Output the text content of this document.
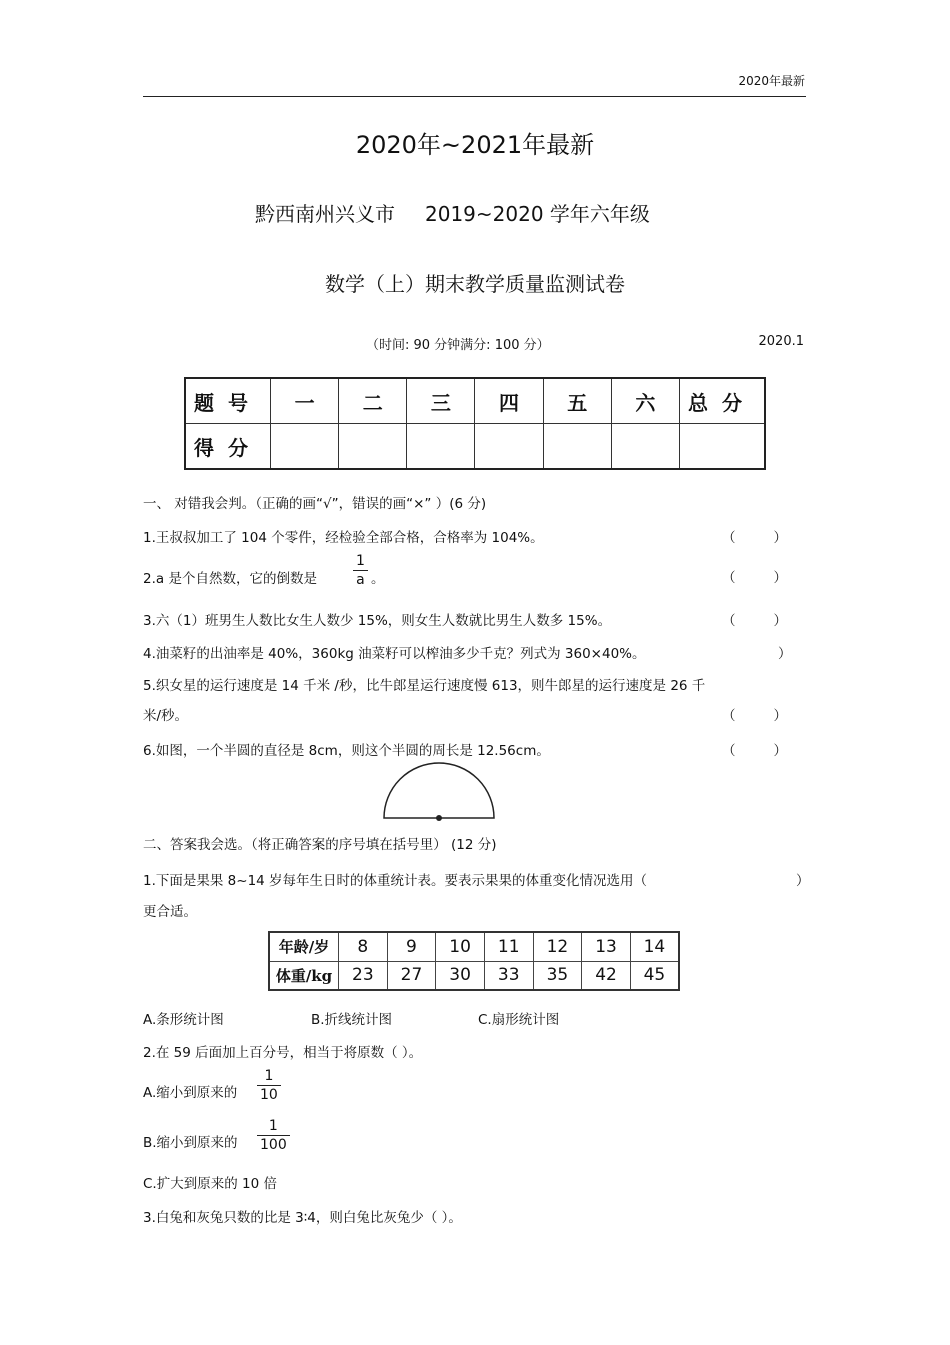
2020年最新
2020年~2021年最新
黔西南州兴义市 2019~2020 学年六年级
数学（上）期末教学质量监测试卷
（时间: 90 分钟满分: 100 分）	2020.1
题号	一	二	三	四	五	六	总分
得分							
一、 对错我会判。（正确的画“√”，错误的画“×” ）(6 分)
1.王叔叔加工了 104 个零件，经检验全部合格，合格率为 104%。	（	）
2.a 是个自然数，它的倒数是
1
a 。	（	）
3.六（1）班男生人数比女生人数少 15%，则女生人数就比男生人数多 15%。	（	）
4.油菜籽的出油率是 40%，360kg 油菜籽可以榨油多少千克？列式为 360×40%。	）
5.织女星的运行速度是 14 千米 /秒，比牛郎星运行速度慢 613，则牛郎星的运行速度是 26 千
米/秒。	（	）
6.如图，一个半圆的直径是 8cm，则这个半圆的周长是 12.56cm。	（	）
二、答案我会选。（将正确答案的序号填在括号里） (12 分)
1.下面是果果 8~14 岁每年生日时的体重统计表。要表示果果的体重变化情况选用（	）
更合适。
年龄/岁	8	9	10	11	12	13	14
体重/kg	23	27	30	33	35	42	45
A.条形统计图	B.折线统计图	C.扇形统计图
2.在 59 后面加上百分号，相当于将原数（ ）。
A.缩小到原来的
1
10
B.缩小到原来的
1
100
C.扩大到原来的 10 倍
3.白兔和灰兔只数的比是 3∶4，则白兔比灰兔少（ ）。
